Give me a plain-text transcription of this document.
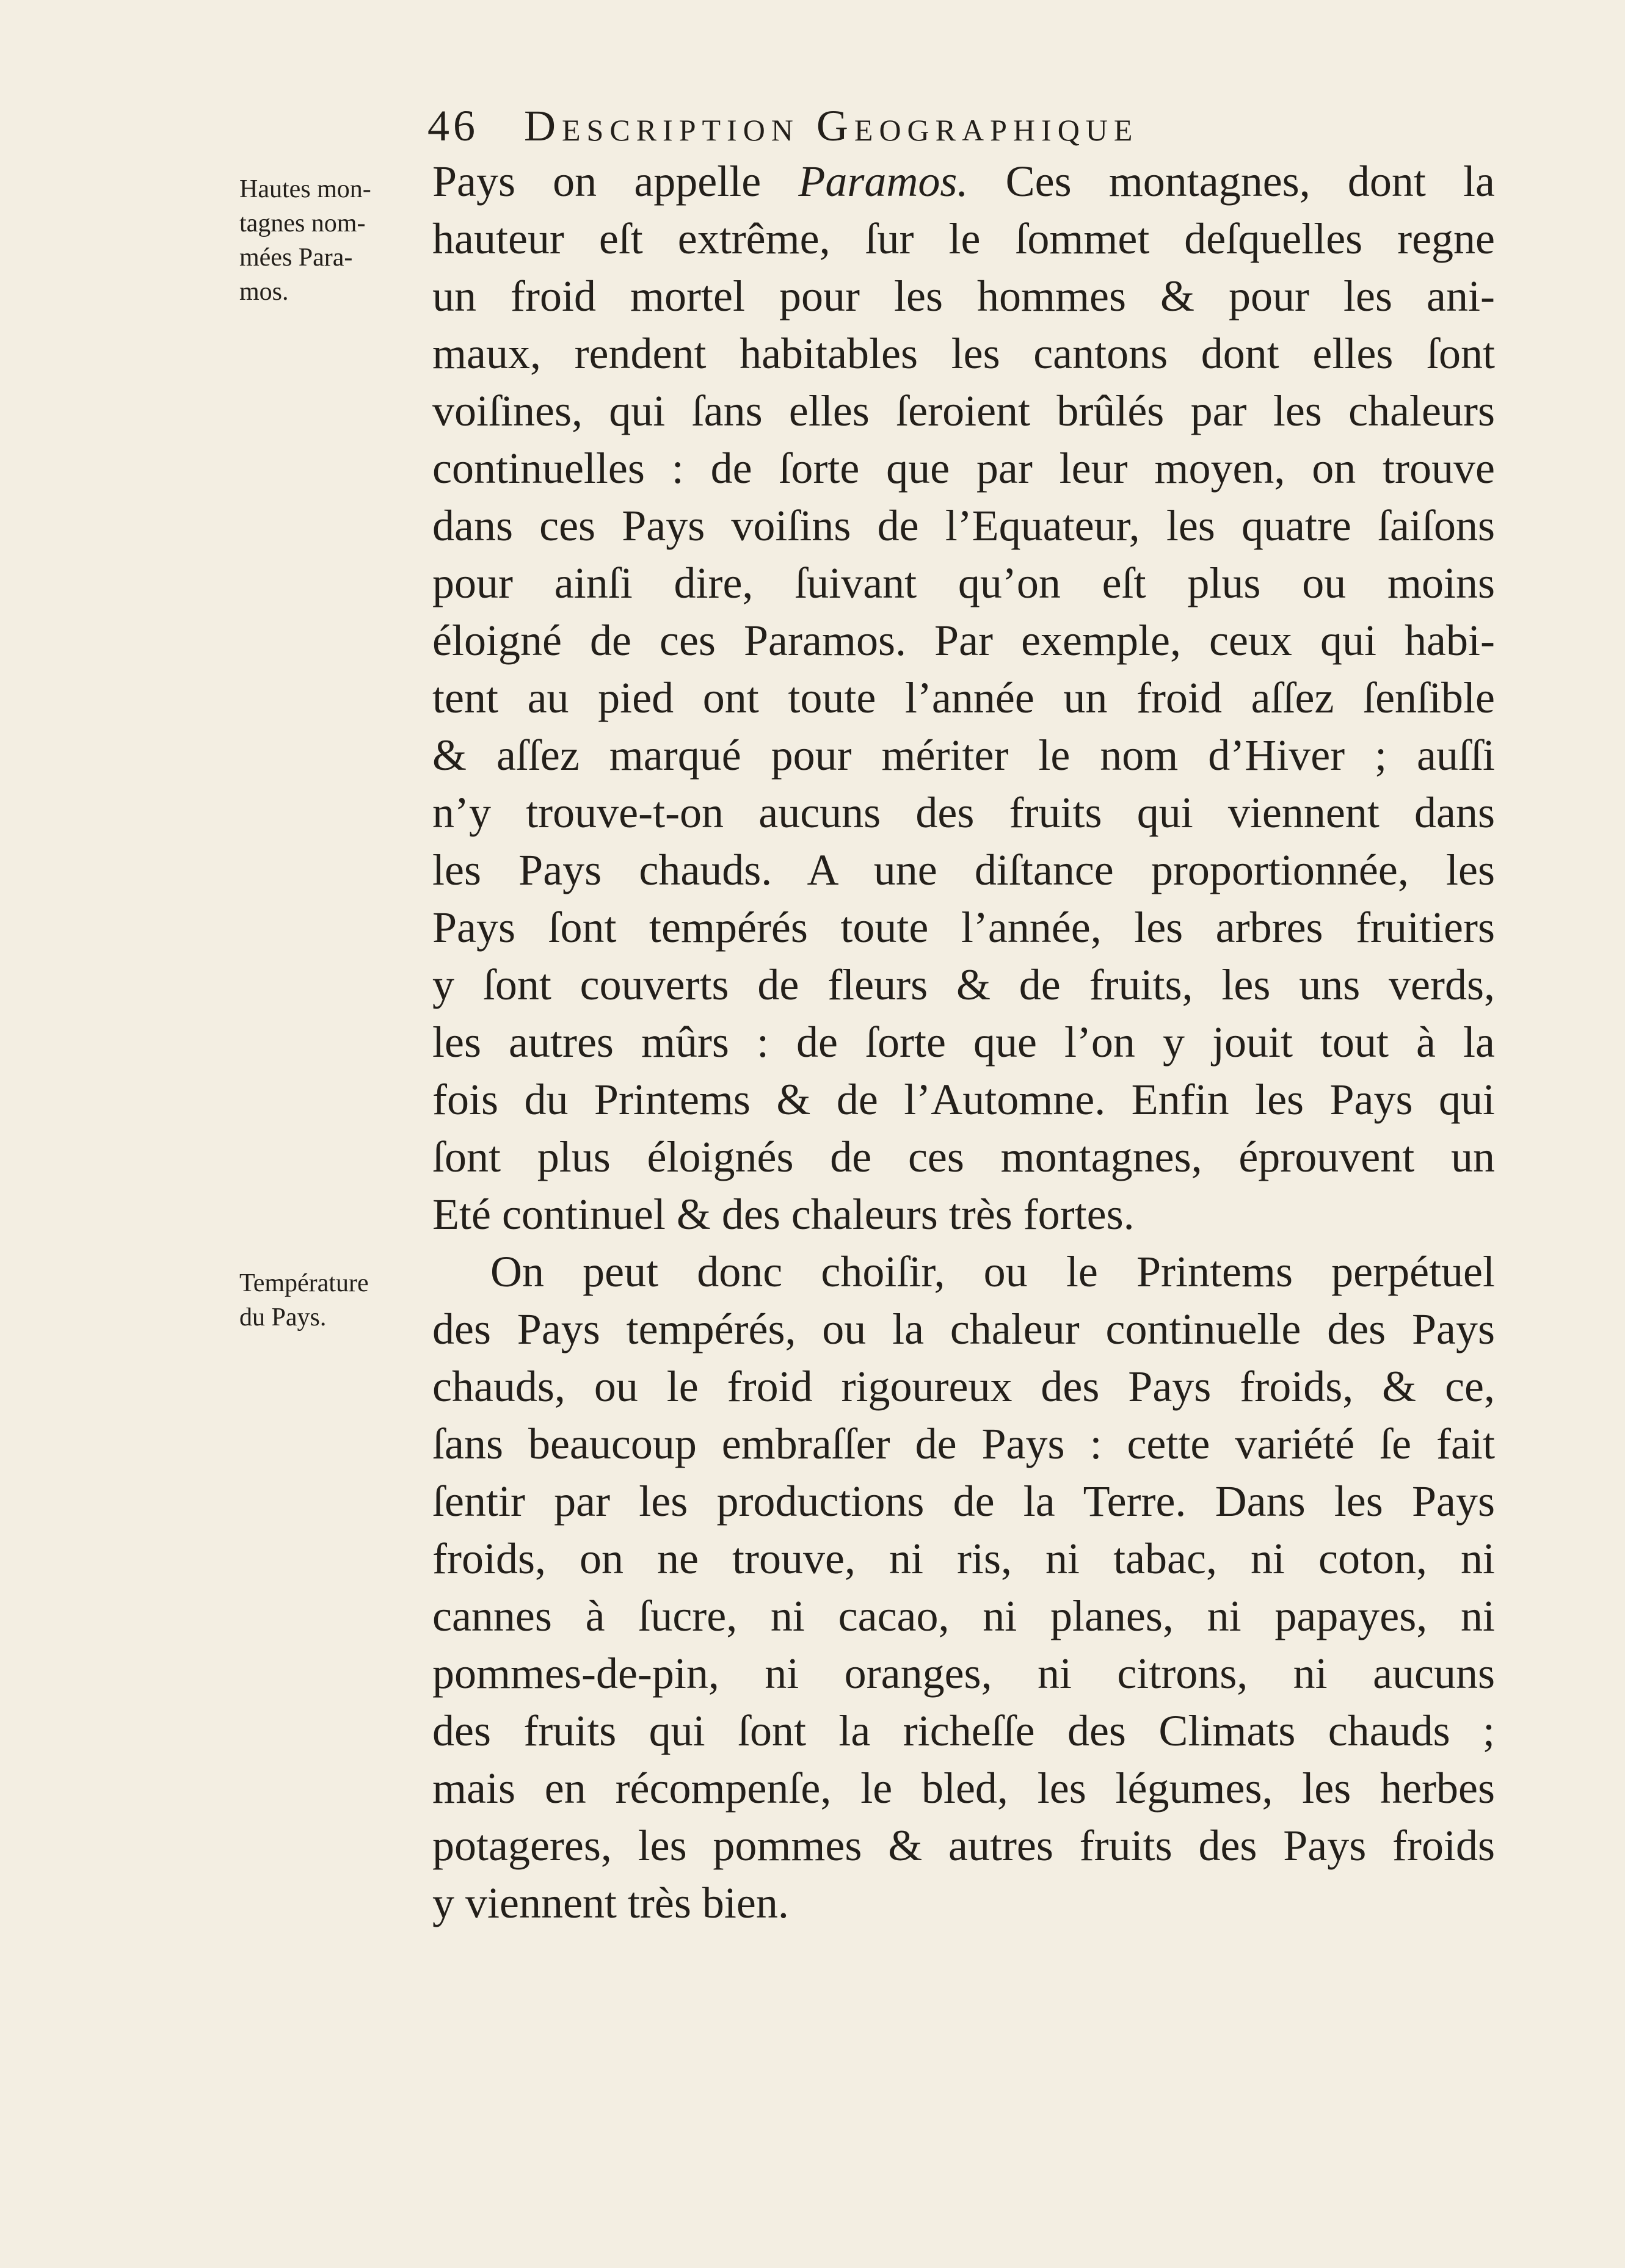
46 Description Geographique
Hautes mon-
tagnes nom-
mées Para-
mos.
Température
du Pays.
Pays on appelle Paramos. Ces montagnes, dont la
hauteur eſt extrême, ſur le ſommet deſquelles regne
un froid mortel pour les hommes & pour les ani-
maux, rendent habitables les cantons dont elles ſont
voiſines, qui ſans elles ſeroient brûlés par les chaleurs
continuelles : de ſorte que par leur moyen, on trouve
dans ces Pays voiſins de l’Equateur, les quatre ſaiſons
pour ainſi dire, ſuivant qu’on eſt plus ou moins
éloigné de ces Paramos. Par exemple, ceux qui habi-
tent au pied ont toute l’année un froid aſſez ſenſible
& aſſez marqué pour mériter le nom d’Hiver ; auſſi
n’y trouve-t-on aucuns des fruits qui viennent dans
les Pays chauds. A une diſtance proportionnée, les
Pays ſont tempérés toute l’année, les arbres fruitiers
y ſont couverts de fleurs & de fruits, les uns verds,
les autres mûrs : de ſorte que l’on y jouit tout à la
fois du Printems & de l’Automne. Enfin les Pays qui
ſont plus éloignés de ces montagnes, éprouvent un
Eté continuel & des chaleurs très fortes.
On peut donc choiſir, ou le Printems perpétuel
des Pays tempérés, ou la chaleur continuelle des Pays
chauds, ou le froid rigoureux des Pays froids, & ce,
ſans beaucoup embraſſer de Pays : cette variété ſe fait
ſentir par les productions de la Terre. Dans les Pays
froids, on ne trouve, ni ris, ni tabac, ni coton, ni
cannes à ſucre, ni cacao, ni planes, ni papayes, ni
pommes-de-pin, ni oranges, ni citrons, ni aucuns
des fruits qui ſont la richeſſe des Climats chauds ;
mais en récompenſe, le bled, les légumes, les herbes
potageres, les pommes & autres fruits des Pays froids
y viennent très bien.
